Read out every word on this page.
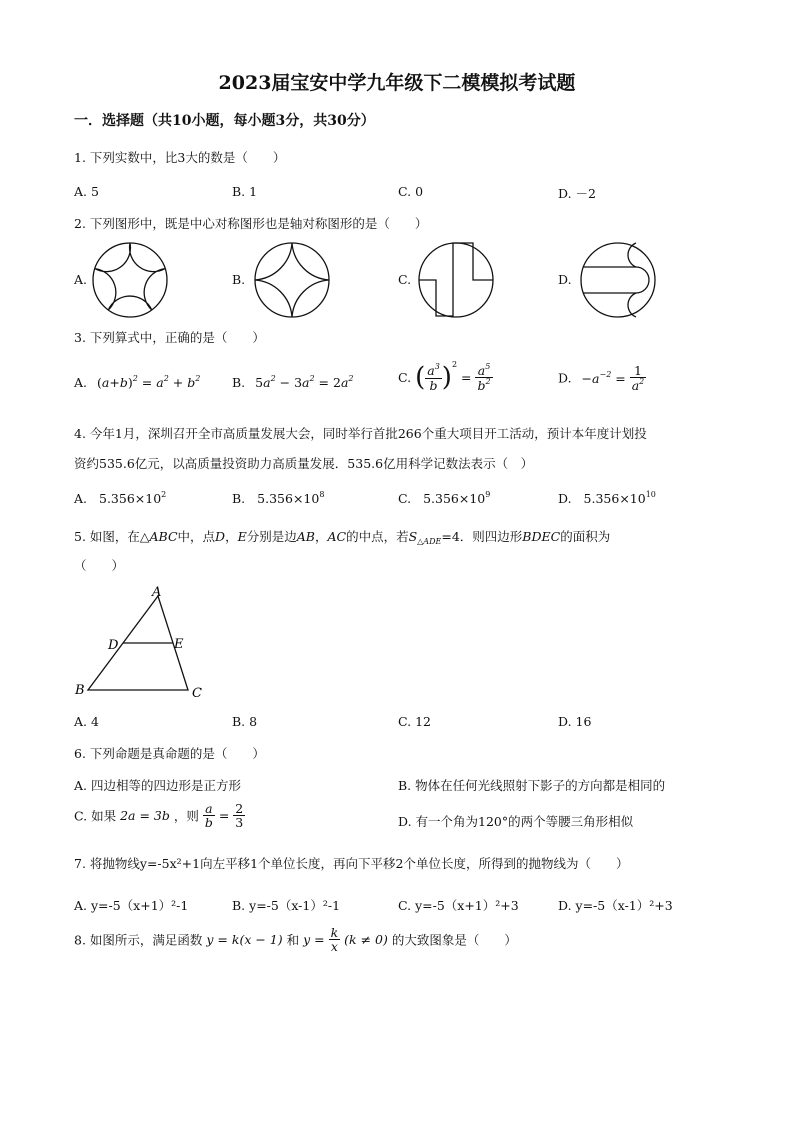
2023届宝安中学九年级下二模模拟考试题
一．选择题（共10小题，每小题3分，共30分）
1. 下列实数中，比3大的数是（　　）
A. 5	B. 1	C. 0	D. －2
2. 下列图形中，既是中心对称图形也是轴对称图形的是（　　）
A.	B.	C.	D.
3. 下列算式中，正确的是（　　）
A. $(a+b)^2 = a^2 + b^2$	B. $5a^2 - 3a^2 = 2a^2$	C. ( $\frac{a^3}{b} )^2 = \frac{a^5}{b^2}$	D. $-a^{-2} = \frac{1}{a^2}$
4. 今年1月，深圳召开全市高质量发展大会，同时举行首批266个重大项目开工活动，预计本年度计划投
资约535.6亿元，以高质量投资助力高质量发展．535.6亿用科学记数法表示（　）
A. $5.356\times 10^2$	B. $5.356\times 10^8$	C. $5.356\times 10^9$	D. $5.356\times 10^{10}$
5. 如图，在△ABC中，点D，E分别是边AB，AC的中点，若$S_{\triangle ADE}=4$．则四边形BDEC的面积为
（　　）
A
D	E
B	C
A. 4	B. 8	C. 12	D. 16
6. 下列命题是真命题的是（　　）
A. 四边相等的四边形是正方形	B. 物体在任何光线照射下影子的方向都是相同的
C. 如果 2a = 3b ，则 $\frac{a}{b} = \frac{2}{3}$	D. 有一个角为120°的两个等腰三角形相似
7. 将抛物线y=-5x²+1向左平移1个单位长度，再向下平移2个单位长度，所得到的抛物线为（　　）
A. y=-5（x+1）²-1	B. y=-5（x-1）²-1	C. y=-5（x+1）²+3	D. y=-5（x-1）²+3
8. 如图所示，满足函数 y = k(x − 1) 和 $y = \frac{k}{x} (k \ne 0)$ 的大致图象是（　　）
